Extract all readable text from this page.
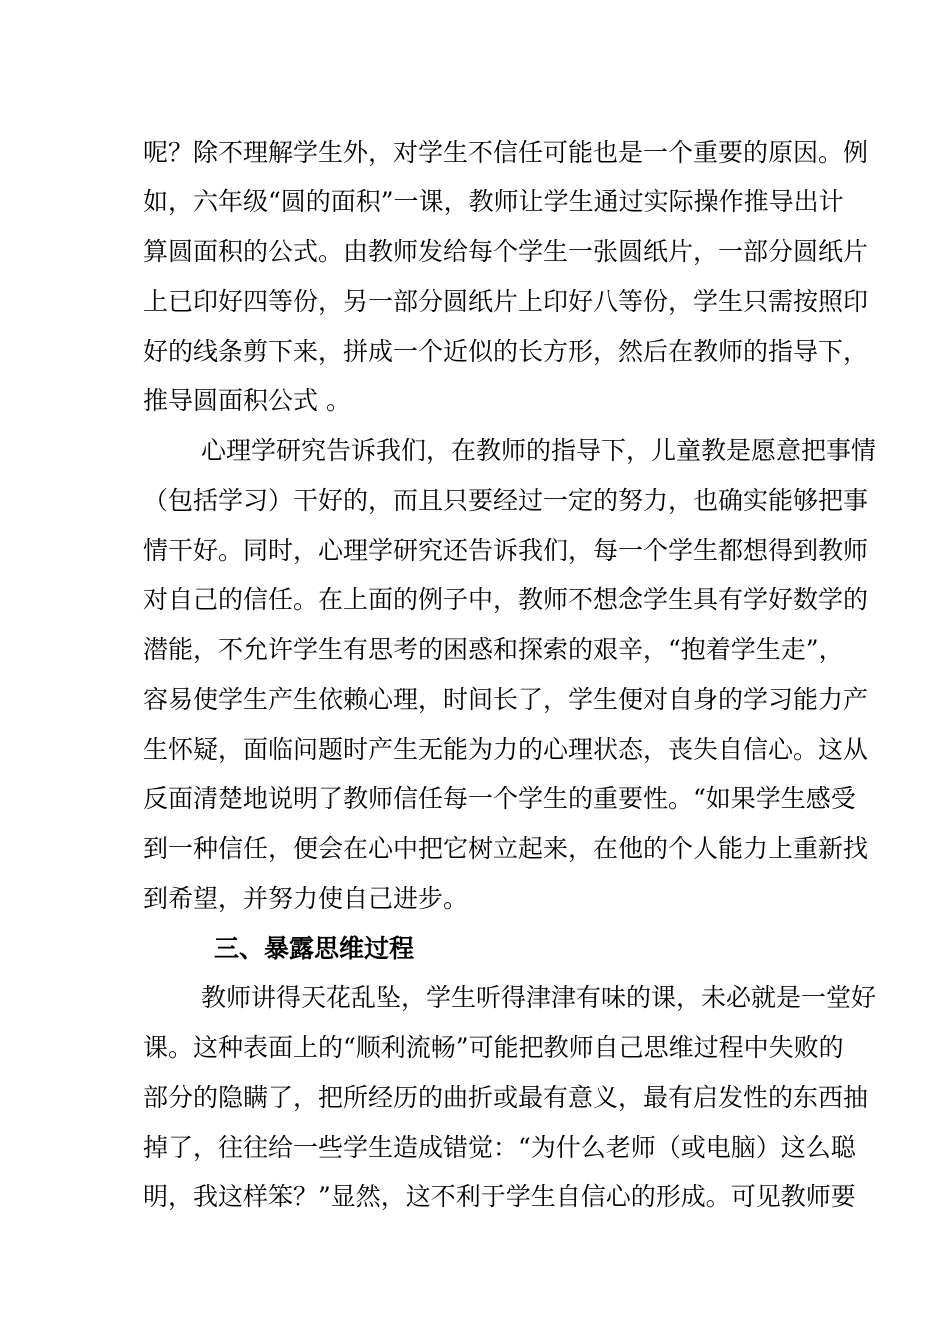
呢？除不理解学生外，对学生不信任可能也是一个重要的原因。例
如，六年级“圆的面积”一课，教师让学生通过实际操作推导出计
算圆面积的公式。由教师发给每个学生一张圆纸片，一部分圆纸片
上已印好四等份，另一部分圆纸片上印好八等份，学生只需按照印
好的线条剪下来，拼成一个近似的长方形，然后在教师的指导下，
推导圆面积公式 。
心理学研究告诉我们，在教师的指导下，儿童教是愿意把事情
（包括学习）干好的，而且只要经过一定的努力，也确实能够把事
情干好。同时，心理学研究还告诉我们，每一个学生都想得到教师
对自己的信任。在上面的例子中，教师不想念学生具有学好数学的
潜能，不允许学生有思考的困惑和探索的艰辛，“抱着学生走”，
容易使学生产生依赖心理，时间长了，学生便对自身的学习能力产
生怀疑，面临问题时产生无能为力的心理状态，丧失自信心。这从
反面清楚地说明了教师信任每一个学生的重要性。“如果学生感受
到一种信任，便会在心中把它树立起来，在他的个人能力上重新找
到希望，并努力使自己进步。
三、暴露思维过程
教师讲得天花乱坠，学生听得津津有味的课，未必就是一堂好
课。这种表面上的“顺利流畅”可能把教师自己思维过程中失败的
部分的隐瞒了，把所经历的曲折或最有意义，最有启发性的东西抽
掉了，往往给一些学生造成错觉：“为什么老师（或电脑）这么聪
明，我这样笨？”显然，这不利于学生自信心的形成。可见教师要
